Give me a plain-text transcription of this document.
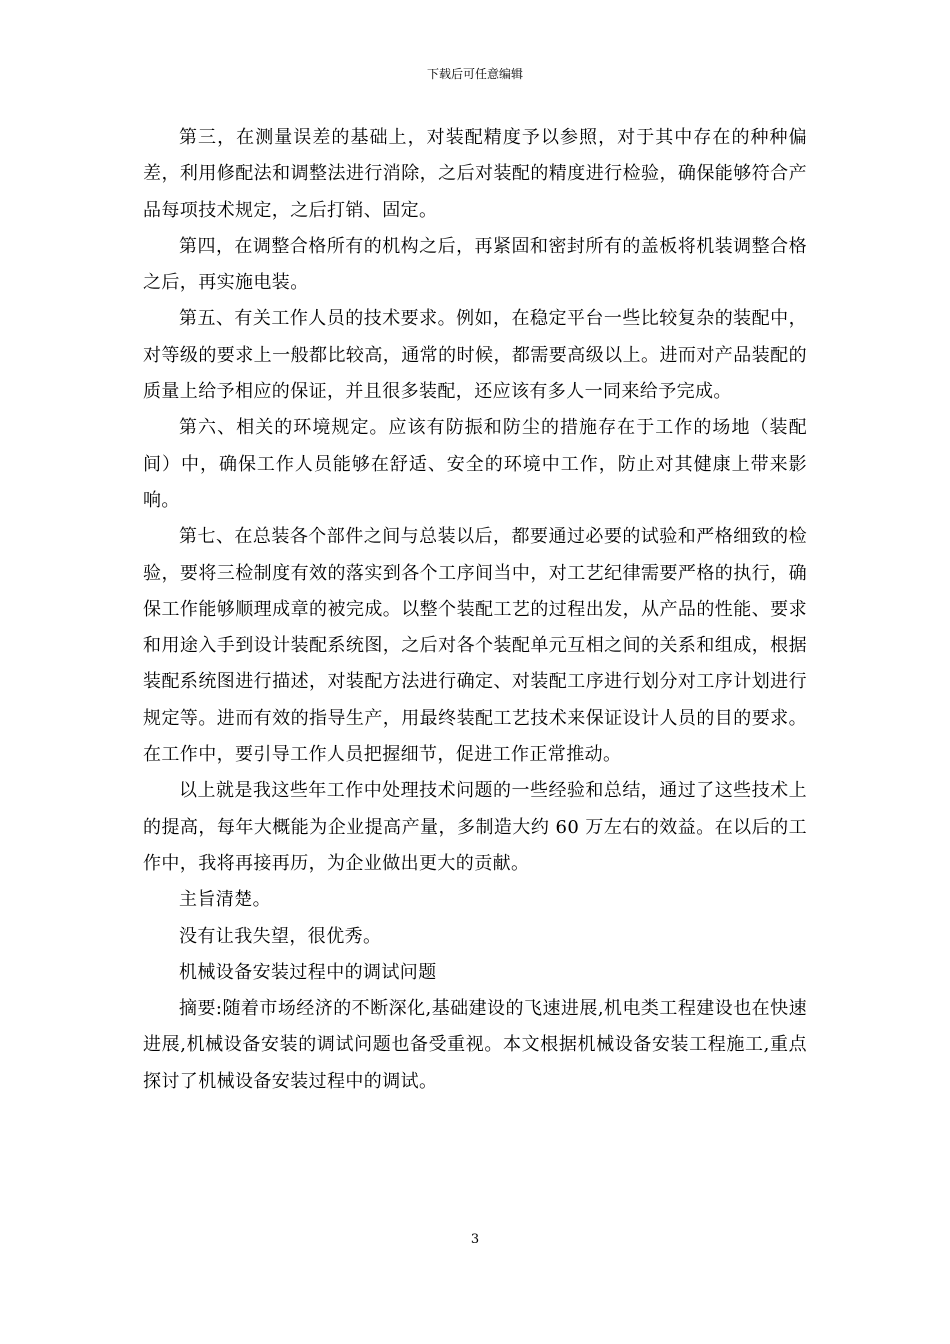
下载后可任意编辑

第三，在测量误差的基础上，对装配精度予以参照，对于其中存在的种种偏差，利用修配法和调整法进行消除，之后对装配的精度进行检验，确保能够符合产品每项技术规定，之后打销、固定。

第四，在调整合格所有的机构之后，再紧固和密封所有的盖板将机装调整合格之后，再实施电装。

第五、有关工作人员的技术要求。例如，在稳定平台一些比较复杂的装配中，对等级的要求上一般都比较高，通常的时候，都需要高级以上。进而对产品装配的质量上给予相应的保证，并且很多装配，还应该有多人一同来给予完成。

第六、相关的环境规定。应该有防振和防尘的措施存在于工作的场地（装配间）中，确保工作人员能够在舒适、安全的环境中工作，防止对其健康上带来影响。

第七、在总装各个部件之间与总装以后，都要通过必要的试验和严格细致的检验，要将三检制度有效的落实到各个工序间当中，对工艺纪律需要严格的执行，确保工作能够顺理成章的被完成。以整个装配工艺的过程出发，从产品的性能、要求和用途入手到设计装配系统图，之后对各个装配单元互相之间的关系和组成，根据装配系统图进行描述，对装配方法进行确定、对装配工序进行划分对工序计划进行规定等。进而有效的指导生产，用最终装配工艺技术来保证设计人员的目的要求。在工作中，要引导工作人员把握细节，促进工作正常推动。

以上就是我这些年工作中处理技术问题的一些经验和总结，通过了这些技术上的提高，每年大概能为企业提高产量，多制造大约 60 万左右的效益。在以后的工作中，我将再接再历，为企业做出更大的贡献。

主旨清楚。

没有让我失望，很优秀。

机械设备安装过程中的调试问题

摘要:随着市场经济的不断深化,基础建设的飞速进展,机电类工程建设也在快速进展,机械设备安装的调试问题也备受重视。本文根据机械设备安装工程施工,重点探讨了机械设备安装过程中的调试。

3
